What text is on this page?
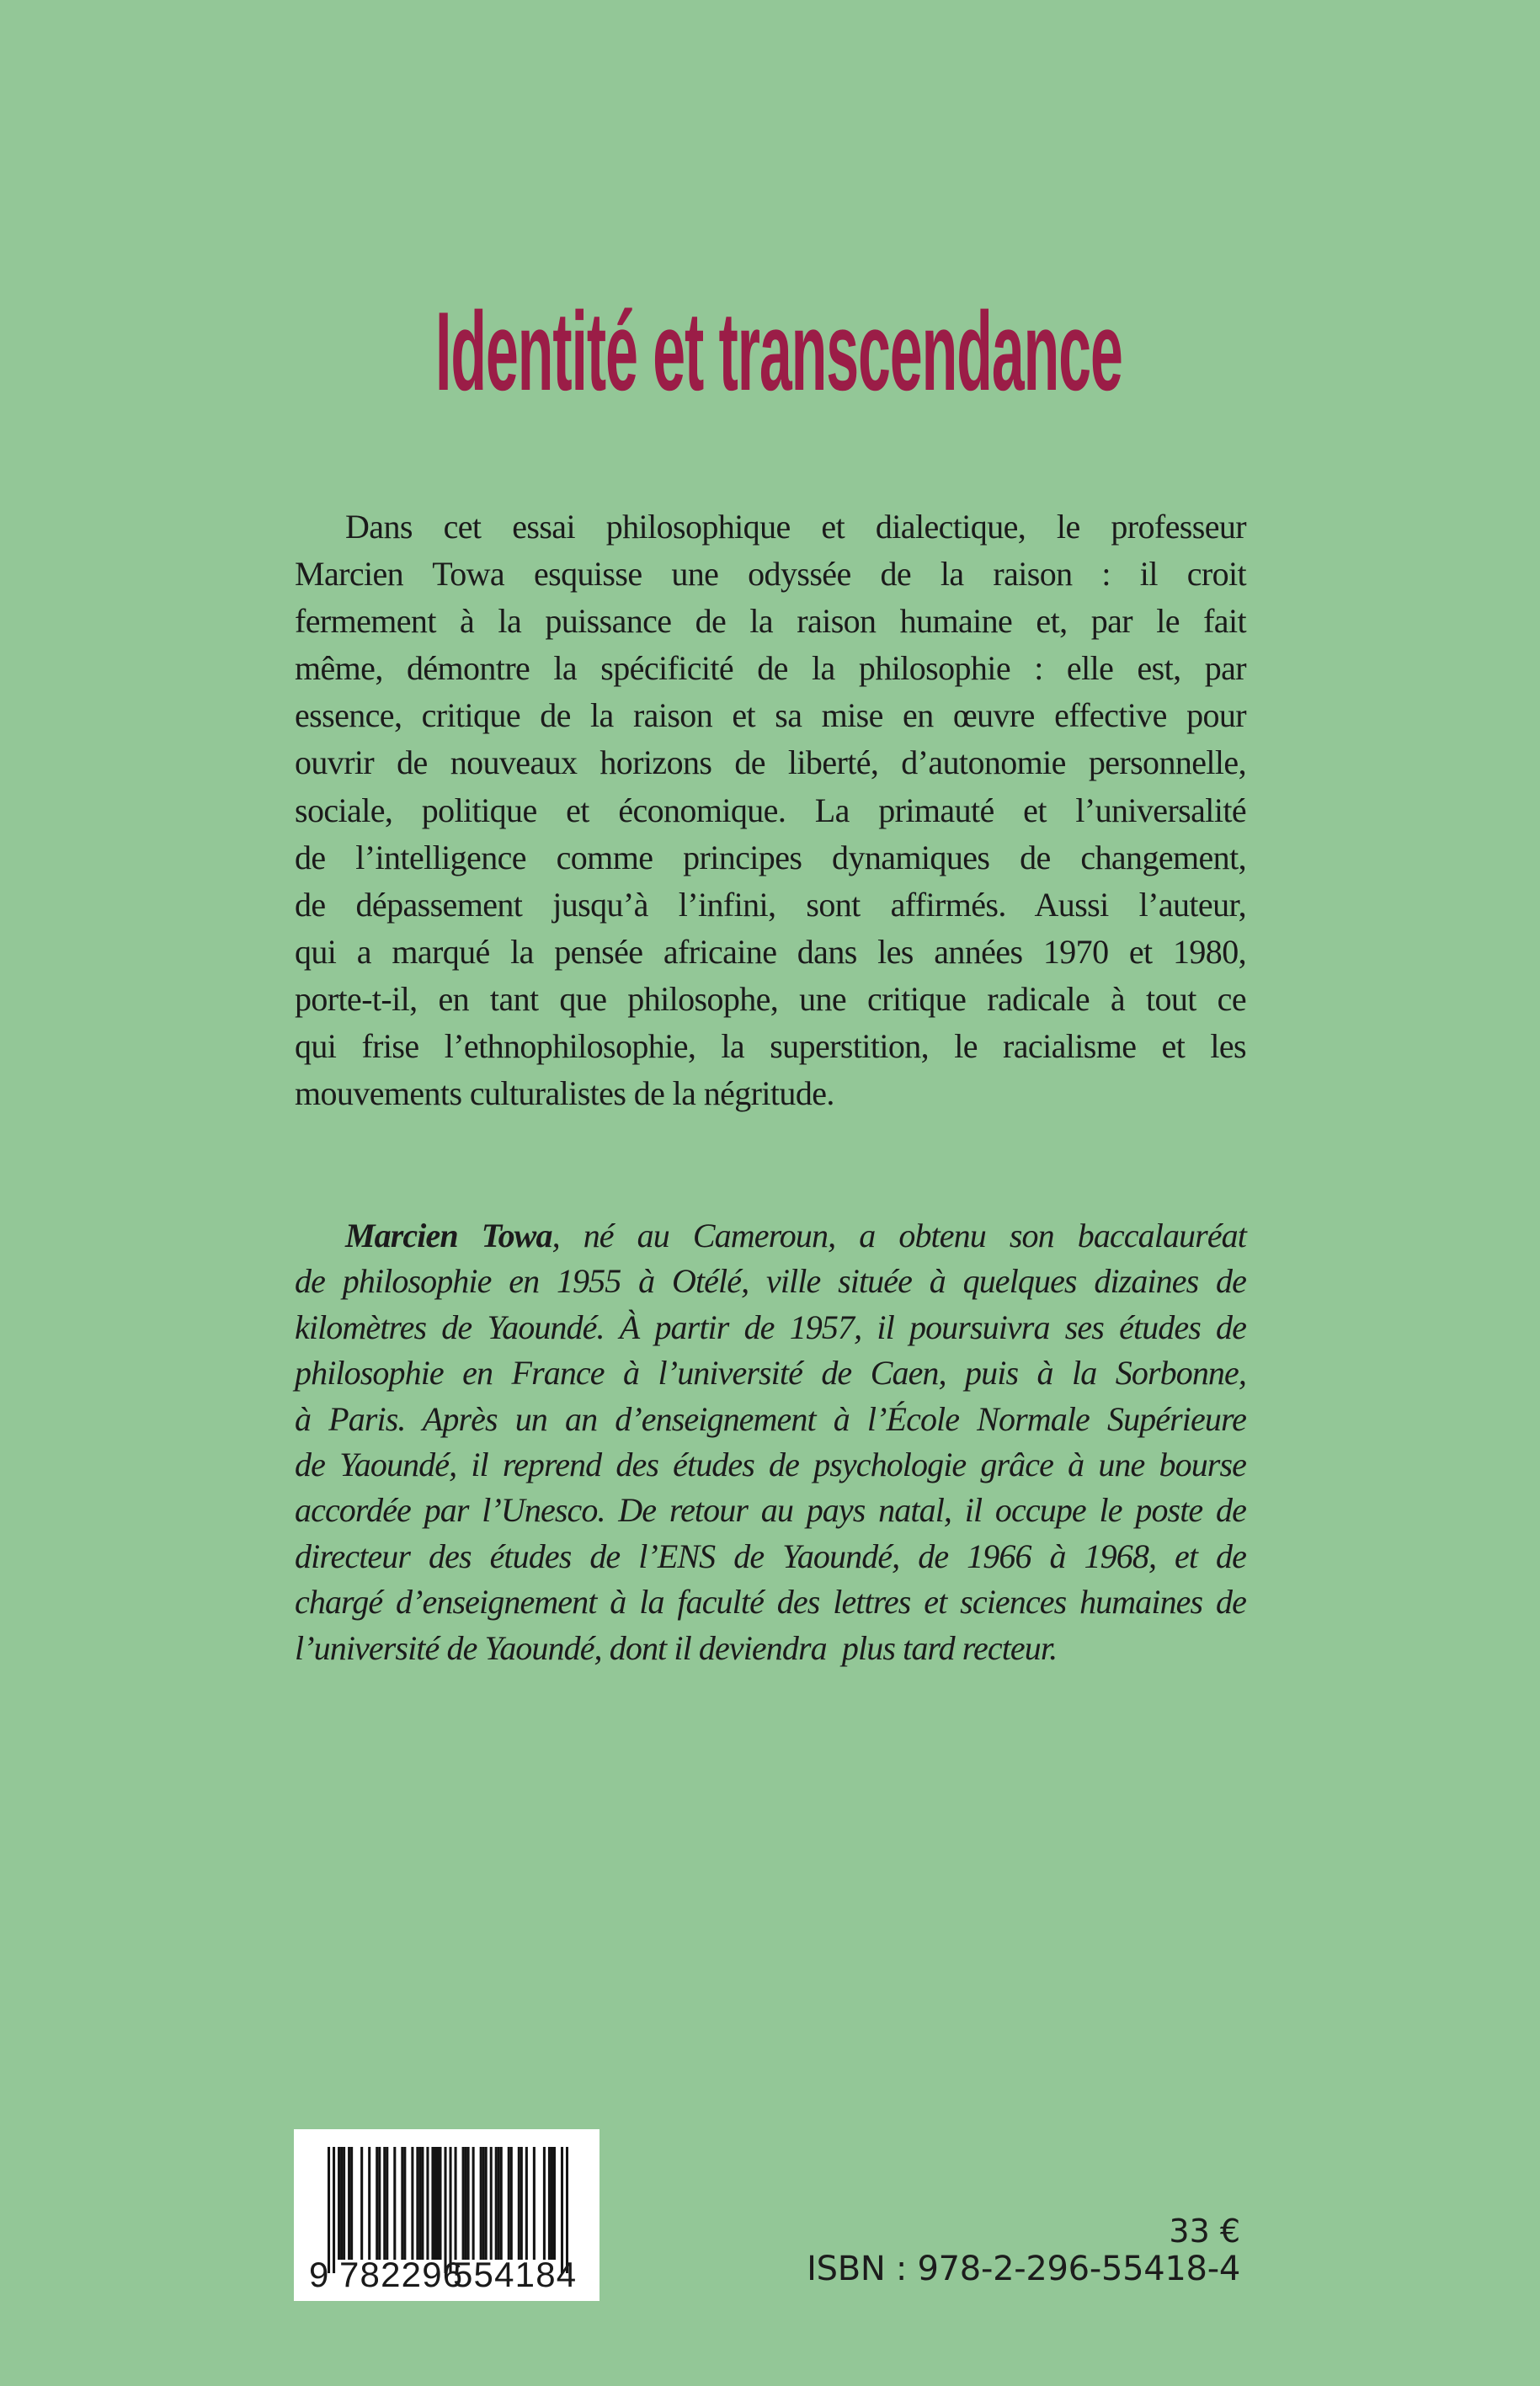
Identité et transcendance
Dans cet essai philosophique et dialectique, le professeur
Marcien Towa esquisse une odyssée de la raison : il croit
fermement à la puissance de la raison humaine et, par le fait
même, démontre la spécificité de la philosophie : elle est, par
essence, critique de la raison et sa mise en œuvre effective pour
ouvrir de nouveaux horizons de liberté, d’autonomie personnelle,
sociale, politique et économique. La primauté et l’universalité
de l’intelligence comme principes dynamiques de changement,
de dépassement jusqu’à l’infini, sont affirmés. Aussi l’auteur,
qui a marqué la pensée africaine dans les années 1970 et 1980,
porte-t-il, en tant que philosophe, une critique radicale à tout ce
qui frise l’ethnophilosophie, la superstition, le racialisme et les
mouvements culturalistes de la négritude.
Marcien Towa, né au Cameroun, a obtenu son baccalauréat
de philosophie en 1955 à Otélé, ville située à quelques dizaines de
kilomètres de Yaoundé. À partir de 1957, il poursuivra ses études de
philosophie en France à l’université de Caen, puis à la Sorbonne,
à Paris. Après un an d’enseignement à l’École Normale Supérieure
de Yaoundé, il reprend des études de psychologie grâce à une bourse
accordée par l’Unesco. De retour au pays natal, il occupe le poste de
directeur des études de l’ENS de Yaoundé, de 1966 à 1968, et de
chargé d’enseignement à la faculté des lettres et sciences humaines de
l’université de Yaoundé, dont il deviendra  plus tard recteur.
9 782296
554184
33 €
ISBN : 978-2-296-55418-4
